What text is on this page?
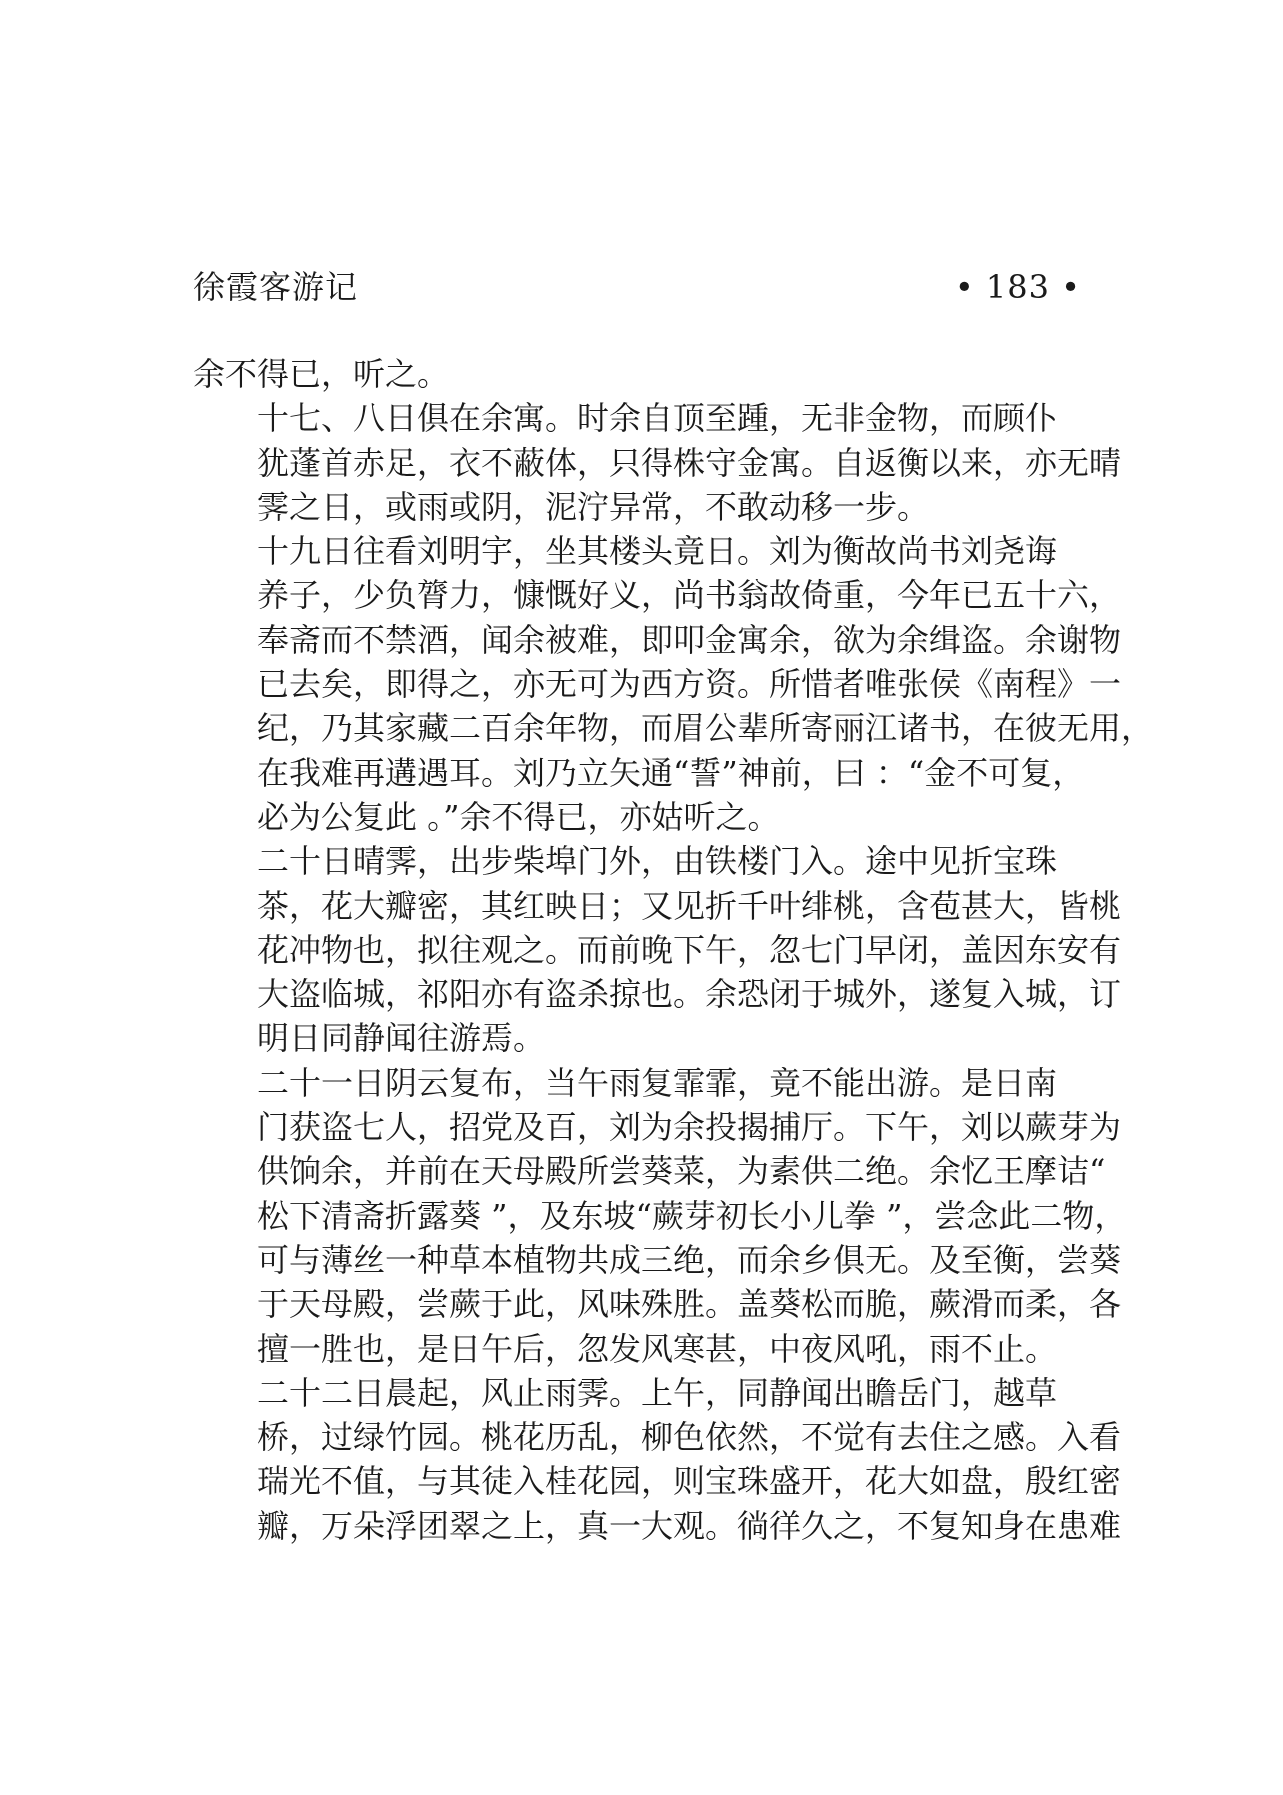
徐霞客游记	• 183 •

余不得已，听之。

十七、八日俱在余寓。时余自顶至踵，无非金物，而顾仆
犹蓬首赤足，衣不蔽体，只得株守金寓。自返衡以来，亦无晴
霁之日，或雨或阴，泥泞异常，不敢动移一步。

十九日往看刘明宇，坐其楼头竟日。刘为衡故尚书刘尧诲
养子，少负膂力，慷慨好义，尚书翁故倚重，今年已五十六，
奉斋而不禁酒，闻余被难，即叩金寓余，欲为余缉盗。余谢物
已去矣，即得之，亦无可为西方资。所惜者唯张侯《南程》一
纪，乃其家藏二百余年物，而眉公辈所寄丽江诸书，在彼无用，
在我难再遘遇耳。刘乃立矢通“誓”神前，曰 ：“金不可复，
必为公复此 。”余不得已，亦姑听之。

二十日晴霁，出步柴埠门外，由铁楼门入。途中见折宝珠
茶，花大瓣密，其红映日；又见折千叶绯桃，含苞甚大，皆桃
花冲物也，拟往观之。而前晚下午，忽七门早闭，盖因东安有
大盗临城，祁阳亦有盗杀掠也。余恐闭于城外，遂复入城，订
明日同静闻往游焉。

二十一日阴云复布，当午雨复霏霏，竟不能出游。是日南
门获盗七人，招党及百，刘为余投揭捕厅。下午，刘以蕨芽为
供饷余，并前在天母殿所尝葵菜，为素供二绝。余忆王摩诘“
松下清斋折露葵 ”，及东坡“蕨芽初长小儿拳 ”，尝念此二物，
可与薄丝一种草本植物共成三绝，而余乡俱无。及至衡，尝葵
于天母殿，尝蕨于此，风味殊胜。盖葵松而脆，蕨滑而柔，各
擅一胜也，是日午后，忽发风寒甚，中夜风吼，雨不止。

二十二日晨起，风止雨霁。上午，同静闻出瞻岳门，越草
桥，过绿竹园。桃花历乱，柳色依然，不觉有去住之感。入看
瑞光不值，与其徒入桂花园，则宝珠盛开，花大如盘，殷红密
瓣，万朵浮团翠之上，真一大观。徜徉久之，不复知身在患难
